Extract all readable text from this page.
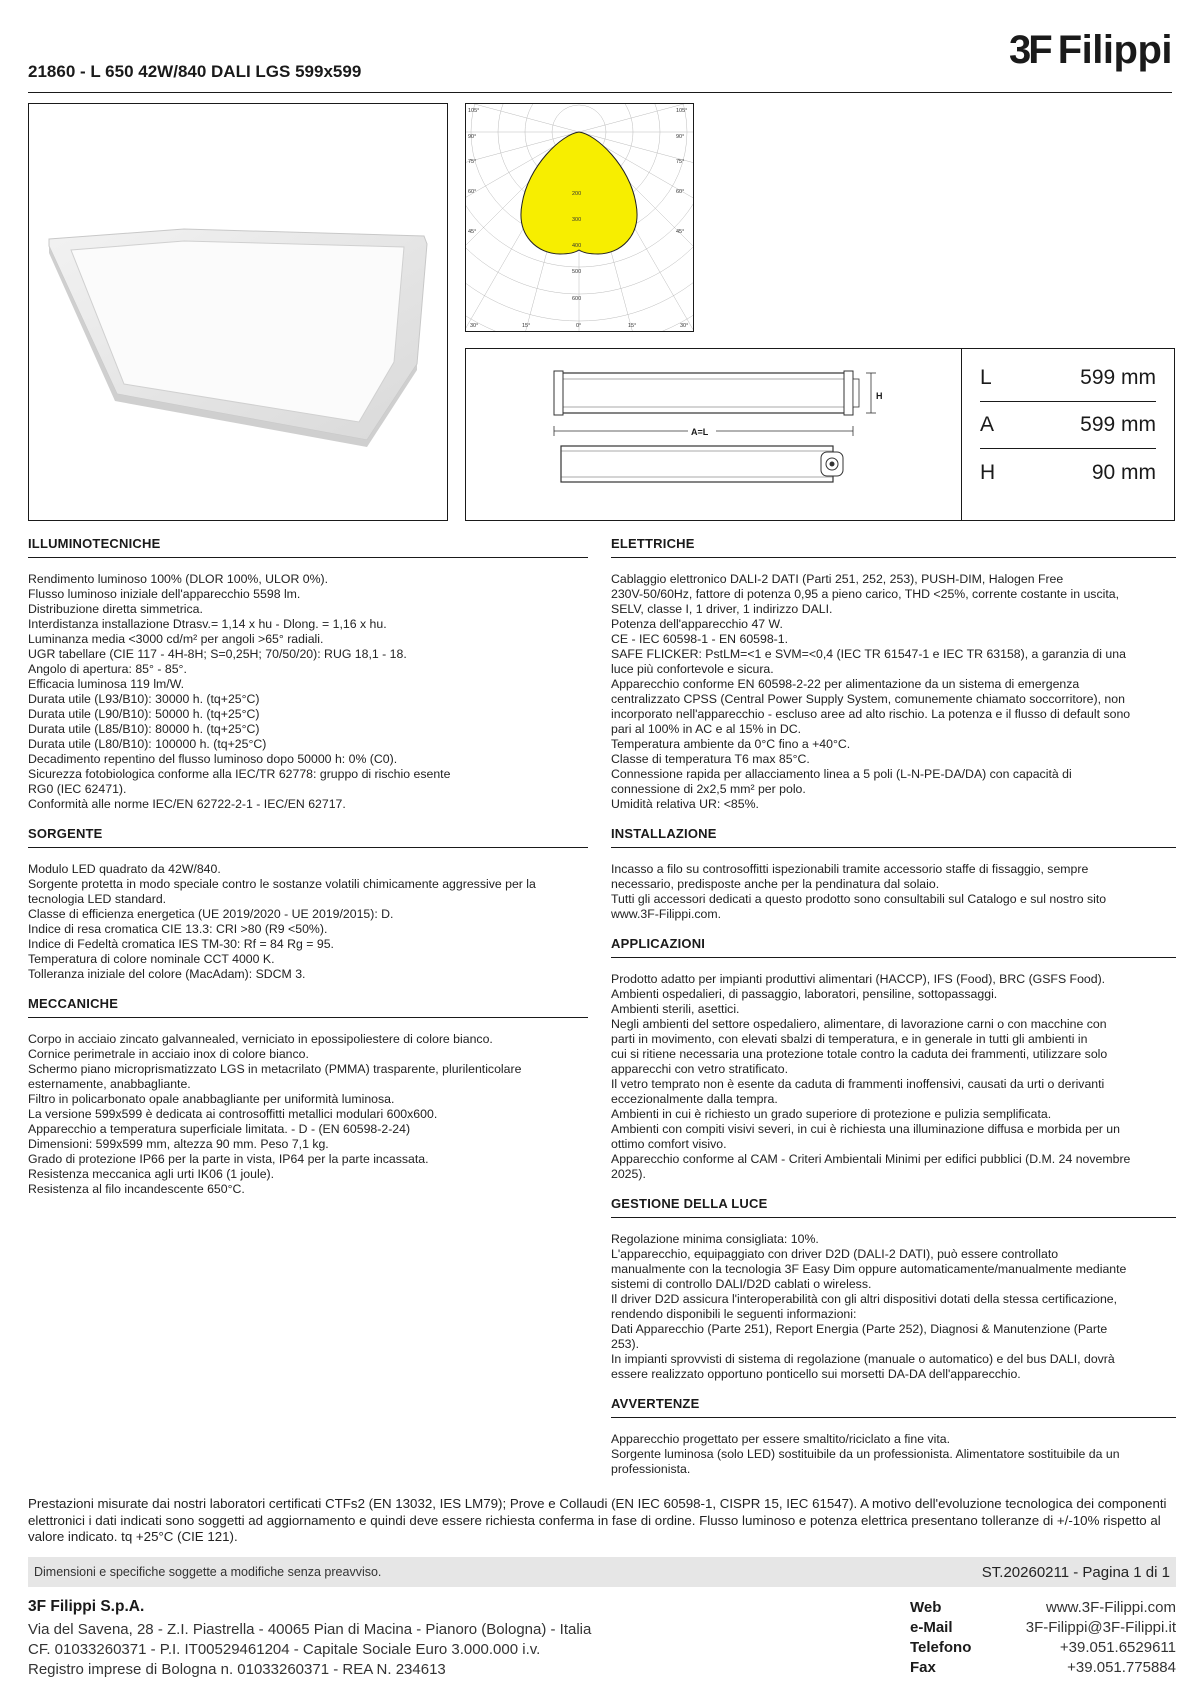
21860 - L 650 42W/840 DALI LGS 599x599	3F Filippi
105°
90°
75°
60°
45°
105°
90°
75°
60°
45°
30°	15°	0°	15°	30°
200
300
400
500
600
H
A=L
L	599 mm
A	599 mm
H	90 mm
ILLUMINOTECNICHE

Rendimento luminoso 100% (DLOR 100%, ULOR 0%).

Flusso luminoso iniziale dell'apparecchio 5598 lm.

Distribuzione diretta simmetrica.

Interdistanza installazione Dtrasv.= 1,14 x hu - Dlong. = 1,16 x hu.

Luminanza media <3000 cd/m² per angoli >65° radiali.

UGR tabellare (CIE 117 - 4H-8H; S=0,25H; 70/50/20): RUG 18,1 - 18.

Angolo di apertura: 85° - 85°.

Efficacia luminosa 119 lm/W.

Durata utile (L93/B10): 30000 h. (tq+25°C)

Durata utile (L90/B10): 50000 h. (tq+25°C)

Durata utile (L85/B10): 80000 h. (tq+25°C)

Durata utile (L80/B10): 100000 h. (tq+25°C)

Decadimento repentino del flusso luminoso dopo 50000 h: 0% (C0).

Sicurezza fotobiologica conforme alla IEC/TR 62778: gruppo di rischio esente

RG0 (IEC 62471).

Conformità alle norme IEC/EN 62722-2-1 - IEC/EN 62717.

SORGENTE

Modulo LED quadrato da 42W/840.

Sorgente protetta in modo speciale contro le sostanze volatili chimicamente aggressive per la

tecnologia LED standard.

Classe di efficienza energetica (UE 2019/2020 - UE 2019/2015): D.

Indice di resa cromatica CIE 13.3: CRI >80 (R9 <50%).

Indice di Fedeltà cromatica IES TM-30: Rf = 84 Rg = 95.

Temperatura di colore nominale CCT 4000 K.

Tolleranza iniziale del colore (MacAdam): SDCM 3.

MECCANICHE

Corpo in acciaio zincato galvannealed, verniciato in epossipoliestere di colore bianco.

Cornice perimetrale in acciaio inox di colore bianco.

Schermo piano microprismatizzato LGS in metacrilato (PMMA) trasparente, plurilenticolare

esternamente, anabbagliante.

Filtro in policarbonato opale anabbagliante per uniformità luminosa.

La versione 599x599 è dedicata ai controsoffitti metallici modulari 600x600.

Apparecchio a temperatura superficiale limitata. - D - (EN 60598-2-24)

Dimensioni: 599x599 mm, altezza 90 mm. Peso 7,1 kg.

Grado di protezione IP66 per la parte in vista, IP64 per la parte incassata.

Resistenza meccanica agli urti IK06 (1 joule).

Resistenza al filo incandescente 650°C.

ELETTRICHE

Cablaggio elettronico DALI-2 DATI (Parti 251, 252, 253), PUSH-DIM, Halogen Free

230V-50/60Hz, fattore di potenza 0,95 a pieno carico, THD <25%, corrente costante in uscita,

SELV, classe I, 1 driver, 1 indirizzo DALI.

Potenza dell'apparecchio 47 W.

CE - IEC 60598-1 - EN 60598-1.

SAFE FLICKER: PstLM=<1 e SVM=<0,4 (IEC TR 61547-1 e IEC TR 63158), a garanzia di una

luce più confortevole e sicura.

Apparecchio conforme EN 60598-2-22 per alimentazione da un sistema di emergenza

centralizzato CPSS (Central Power Supply System, comunemente chiamato soccorritore), non

incorporato nell'apparecchio - escluso aree ad alto rischio. La potenza e il flusso di default sono

pari al 100% in AC e al 15% in DC.

Temperatura ambiente da 0°C fino a +40°C.

Classe di temperatura T6 max 85°C.

Connessione rapida per allacciamento linea a 5 poli (L-N-PE-DA/DA) con capacità di

connessione di 2x2,5 mm² per polo.

Umidità relativa UR: <85%.

INSTALLAZIONE

Incasso a filo su controsoffitti ispezionabili tramite accessorio staffe di fissaggio, sempre

necessario, predisposte anche per la pendinatura dal solaio.

Tutti gli accessori dedicati a questo prodotto sono consultabili sul Catalogo e sul nostro sito

www.3F-Filippi.com.

APPLICAZIONI

Prodotto adatto per impianti produttivi alimentari (HACCP), IFS (Food), BRC (GSFS Food).

Ambienti ospedalieri, di passaggio, laboratori, pensiline, sottopassaggi.

Ambienti sterili, asettici.

Negli ambienti del settore ospedaliero, alimentare, di lavorazione carni o con macchine con

parti in movimento, con elevati sbalzi di temperatura, e in generale in tutti gli ambienti in

cui si ritiene necessaria una protezione totale contro la caduta dei frammenti, utilizzare solo

apparecchi con vetro stratificato.

Il vetro temprato non è esente da caduta di frammenti inoffensivi, causati da urti o derivanti

eccezionalmente dalla tempra.

Ambienti in cui è richiesto un grado superiore di protezione e pulizia semplificata.

Ambienti con compiti visivi severi, in cui è richiesta una illuminazione diffusa e morbida per un

ottimo comfort visivo.

Apparecchio conforme al CAM - Criteri Ambientali Minimi per edifici pubblici (D.M. 24 novembre

2025).

GESTIONE DELLA LUCE

Regolazione minima consigliata: 10%.

L'apparecchio, equipaggiato con driver D2D (DALI-2 DATI), può essere controllato

manualmente con la tecnologia 3F Easy Dim oppure automaticamente/manualmente mediante

sistemi di controllo DALI/D2D cablati o wireless.

Il driver D2D assicura l'interoperabilità con gli altri dispositivi dotati della stessa certificazione,

rendendo disponibili le seguenti informazioni:

Dati Apparecchio (Parte 251), Report Energia (Parte 252), Diagnosi & Manutenzione (Parte

253).

In impianti sprovvisti di sistema di regolazione (manuale o automatico) e del bus DALI, dovrà

essere realizzato opportuno ponticello sui morsetti DA-DA dell'apparecchio.

AVVERTENZE

Apparecchio progettato per essere smaltito/riciclato a fine vita.

Sorgente luminosa (solo LED) sostituibile da un professionista. Alimentatore sostituibile da un

professionista.

Prestazioni misurate dai nostri laboratori certificati CTFs2 (EN 13032, IES LM79); Prove e Collaudi (EN IEC 60598-1, CISPR 15, IEC 61547). A motivo dell'evoluzione tecnologica dei componenti elettronici i dati indicati sono soggetti ad aggiornamento e quindi deve essere richiesta conferma in fase di ordine. Flusso luminoso e potenza elettrica presentano tolleranze di +/-10% rispetto al valore indicato. tq +25°C (CIE 121).
Dimensioni e specifiche soggette a modifiche senza preavviso.	ST.20260211 - Pagina 1 di 1
3F Filippi S.p.A.
Via del Savena, 28 - Z.I. Piastrella - 40065 Pian di Macina - Pianoro (Bologna) - Italia
CF. 01033260371 - P.I. IT00529461204 - Capitale Sociale Euro 3.000.000 i.v.
Registro imprese di Bologna n. 01033260371 - REA N. 234613
Web	www.3F-Filippi.com
e-Mail	3F-Filippi@3F-Filippi.it
Telefono	+39.051.6529611
Fax	+39.051.775884
